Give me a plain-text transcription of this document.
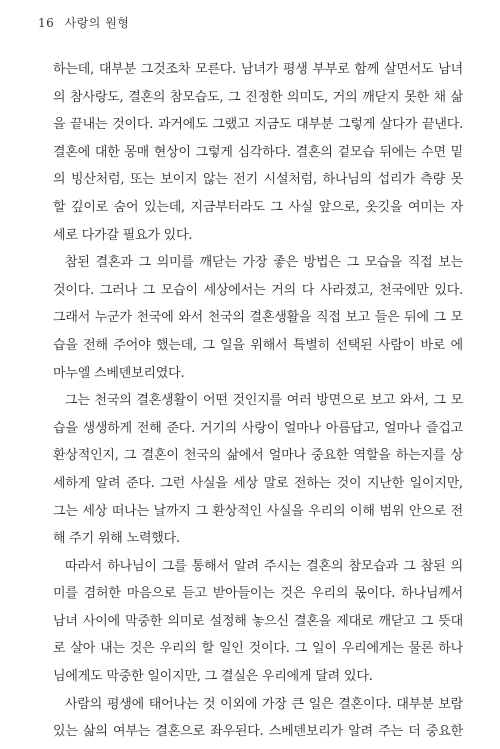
16 사랑의 원형
하는데, 대부분 그것조차 모른다. 남녀가 평생 부부로 함께 살면서도 남녀
의 참사랑도, 결혼의 참모습도, 그 진정한 의미도, 거의 깨닫지 못한 채 삶
을 끝내는 것이다. 과거에도 그랬고 지금도 대부분 그렇게 살다가 끝낸다.
결혼에 대한 몽매 현상이 그렇게 심각하다. 결혼의 겉모습 뒤에는 수면 밑
의 빙산처럼, 또는 보이지 않는 전기 시설처럼, 하나님의 섭리가 측량 못
할 깊이로 숨어 있는데, 지금부터라도 그 사실 앞으로, 옷깃을 여미는 자
세로 다가갈 필요가 있다.
참된 결혼과 그 의미를 깨닫는 가장 좋은 방법은 그 모습을 직접 보는
것이다. 그러나 그 모습이 세상에서는 거의 다 사라졌고, 천국에만 있다.
그래서 누군가 천국에 와서 천국의 결혼생활을 직접 보고 들은 뒤에 그 모
습을 전해 주어야 했는데, 그 일을 위해서 특별히 선택된 사람이 바로 에
마누엘 스베덴보리였다.
그는 천국의 결혼생활이 어떤 것인지를 여러 방면으로 보고 와서, 그 모
습을 생생하게 전해 준다. 거기의 사랑이 얼마나 아름답고, 얼마나 즐겁고
환상적인지, 그 결혼이 천국의 삶에서 얼마나 중요한 역할을 하는지를 상
세하게 알려 준다. 그런 사실을 세상 말로 전하는 것이 지난한 일이지만,
그는 세상 떠나는 날까지 그 환상적인 사실을 우리의 이해 범위 안으로 전
해 주기 위해 노력했다.
따라서 하나님이 그를 통해서 알려 주시는 결혼의 참모습과 그 참된 의
미를 겸허한 마음으로 듣고 받아들이는 것은 우리의 몫이다. 하나님께서
남녀 사이에 막중한 의미로 설정해 놓으신 결혼을 제대로 깨닫고 그 뜻대
로 살아 내는 것은 우리의 할 일인 것이다. 그 일이 우리에게는 물론 하나
님에게도 막중한 일이지만, 그 결실은 우리에게 달려 있다.
사람의 평생에 태어나는 것 이외에 가장 큰 일은 결혼이다. 대부분 보람
있는 삶의 여부는 결혼으로 좌우된다. 스베덴보리가 알려 주는 더 중요한
